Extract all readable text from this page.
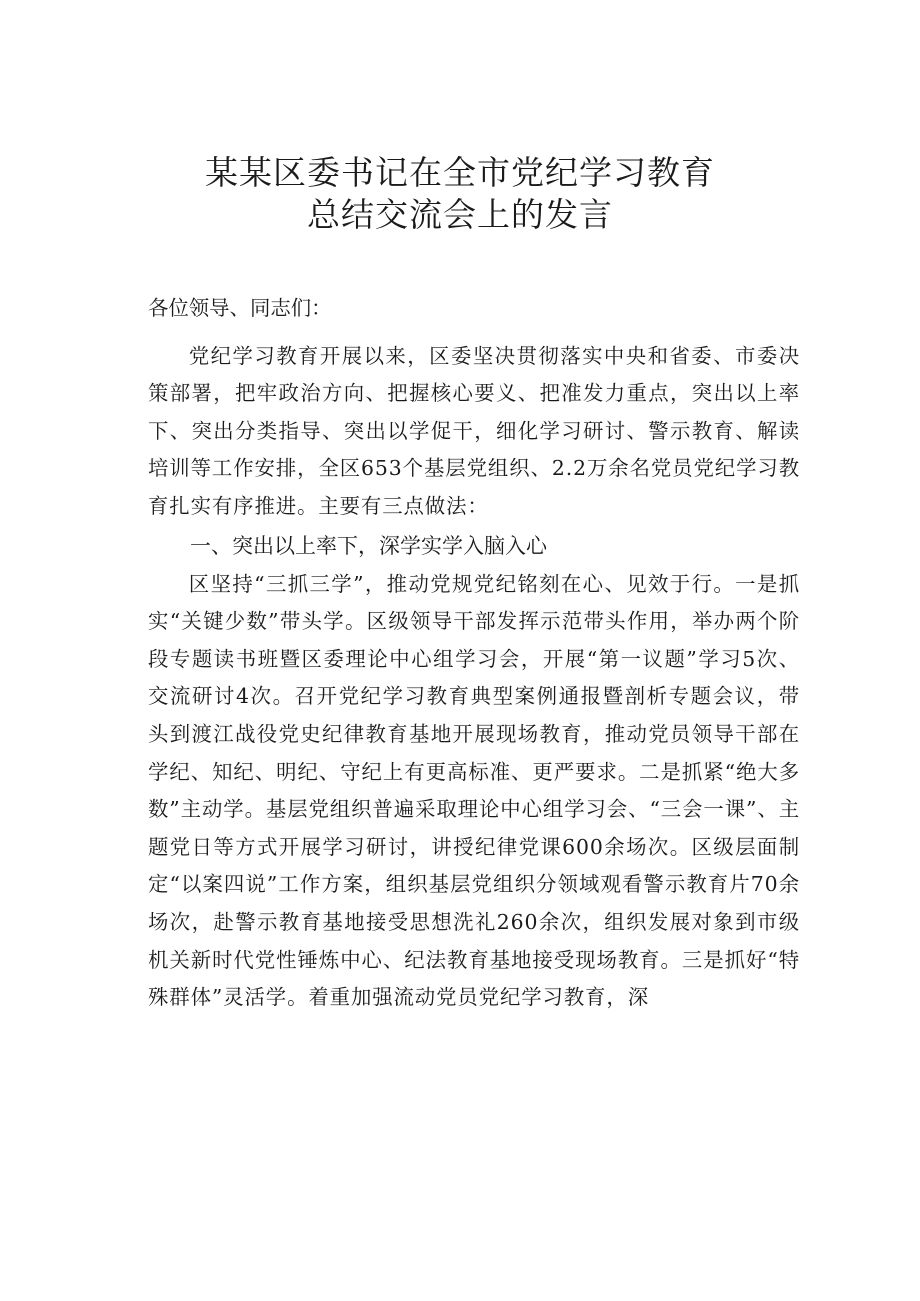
某某区委书记在全市党纪学习教育
总结交流会上的发言

各位领导、同志们：

党纪学习教育开展以来，区委坚决贯彻落实中央和省委、市委决策部署，把牢政治方向、把握核心要义、把准发力重点，突出以上率下、突出分类指导、突出以学促干，细化学习研讨、警示教育、解读培训等工作安排，全区653个基层党组织、2.2万余名党员党纪学习教育扎实有序推进。主要有三点做法：

一、突出以上率下，深学实学入脑入心

区坚持“三抓三学”，推动党规党纪铭刻在心、见效于行。一是抓实“关键少数”带头学。区级领导干部发挥示范带头作用，举办两个阶段专题读书班暨区委理论中心组学习会，开展“第一议题”学习5次、交流研讨4次。召开党纪学习教育典型案例通报暨剖析专题会议，带头到渡江战役党史纪律教育基地开展现场教育，推动党员领导干部在学纪、知纪、明纪、守纪上有更高标准、更严要求。二是抓紧“绝大多数”主动学。基层党组织普遍采取理论中心组学习会、“三会一课”、主题党日等方式开展学习研讨，讲授纪律党课600余场次。区级层面制定“以案四说”工作方案，组织基层党组织分领域观看警示教育片70余场次，赴警示教育基地接受思想洗礼260余次，组织发展对象到市级机关新时代党性锤炼中心、纪法教育基地接受现场教育。三是抓好“特殊群体”灵活学。着重加强流动党员党纪学习教育，深
